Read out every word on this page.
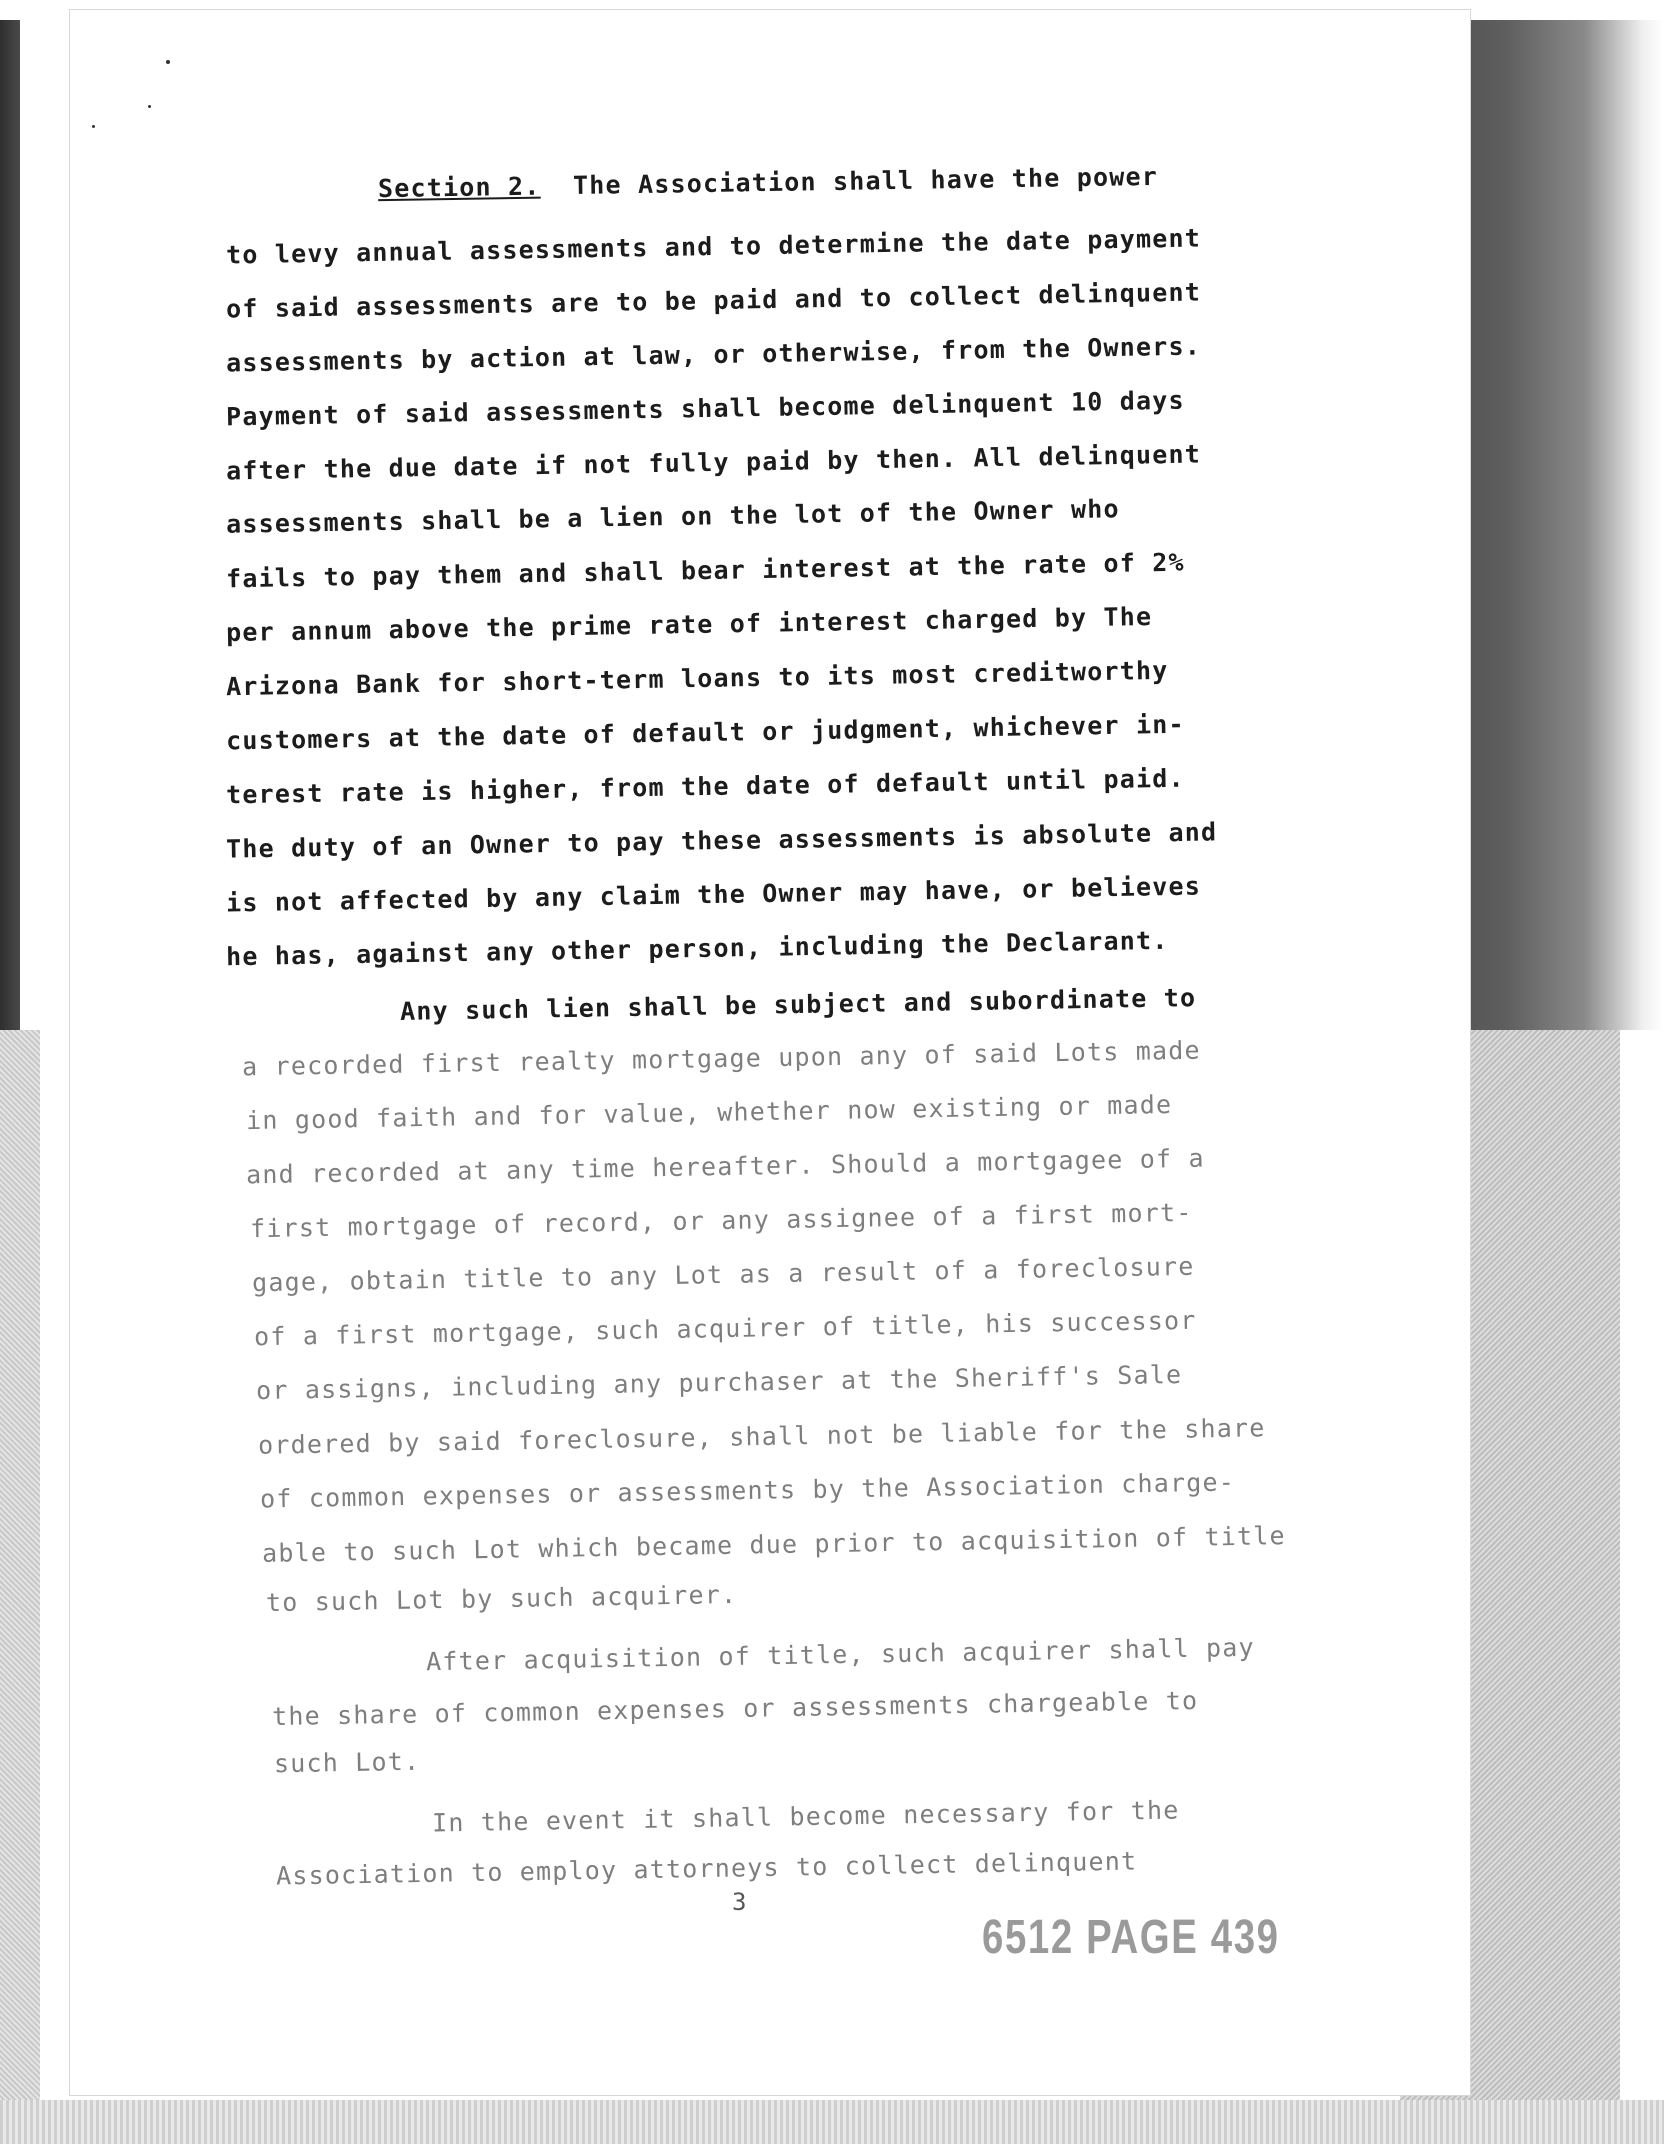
Section 2. The Association shall have the power
to levy annual assessments and to determine the date payment
of said assessments are to be paid and to collect delinquent
assessments by action at law, or otherwise, from the Owners.
Payment of said assessments shall become delinquent 10 days
after the due date if not fully paid by then. All delinquent
assessments shall be a lien on the lot of the Owner who
fails to pay them and shall bear interest at the rate of 2%
per annum above the prime rate of interest charged by The
Arizona Bank for short-term loans to its most creditworthy
customers at the date of default or judgment, whichever in-
terest rate is higher, from the date of default until paid.
The duty of an Owner to pay these assessments is absolute and
is not affected by any claim the Owner may have, or believes
he has, against any other person, including the Declarant.
Any such lien shall be subject and subordinate to
a recorded first realty mortgage upon any of said Lots made
in good faith and for value, whether now existing or made
and recorded at any time hereafter. Should a mortgagee of a
first mortgage of record, or any assignee of a first mort-
gage, obtain title to any Lot as a result of a foreclosure
of a first mortgage, such acquirer of title, his successor
or assigns, including any purchaser at the Sheriff's Sale
ordered by said foreclosure, shall not be liable for the share
of common expenses or assessments by the Association charge-
able to such Lot which became due prior to acquisition of title
to such Lot by such acquirer.
After acquisition of title, such acquirer shall pay
the share of common expenses or assessments chargeable to
such Lot.
In the event it shall become necessary for the
Association to employ attorneys to collect delinquent
3
6512 PAGE 439
